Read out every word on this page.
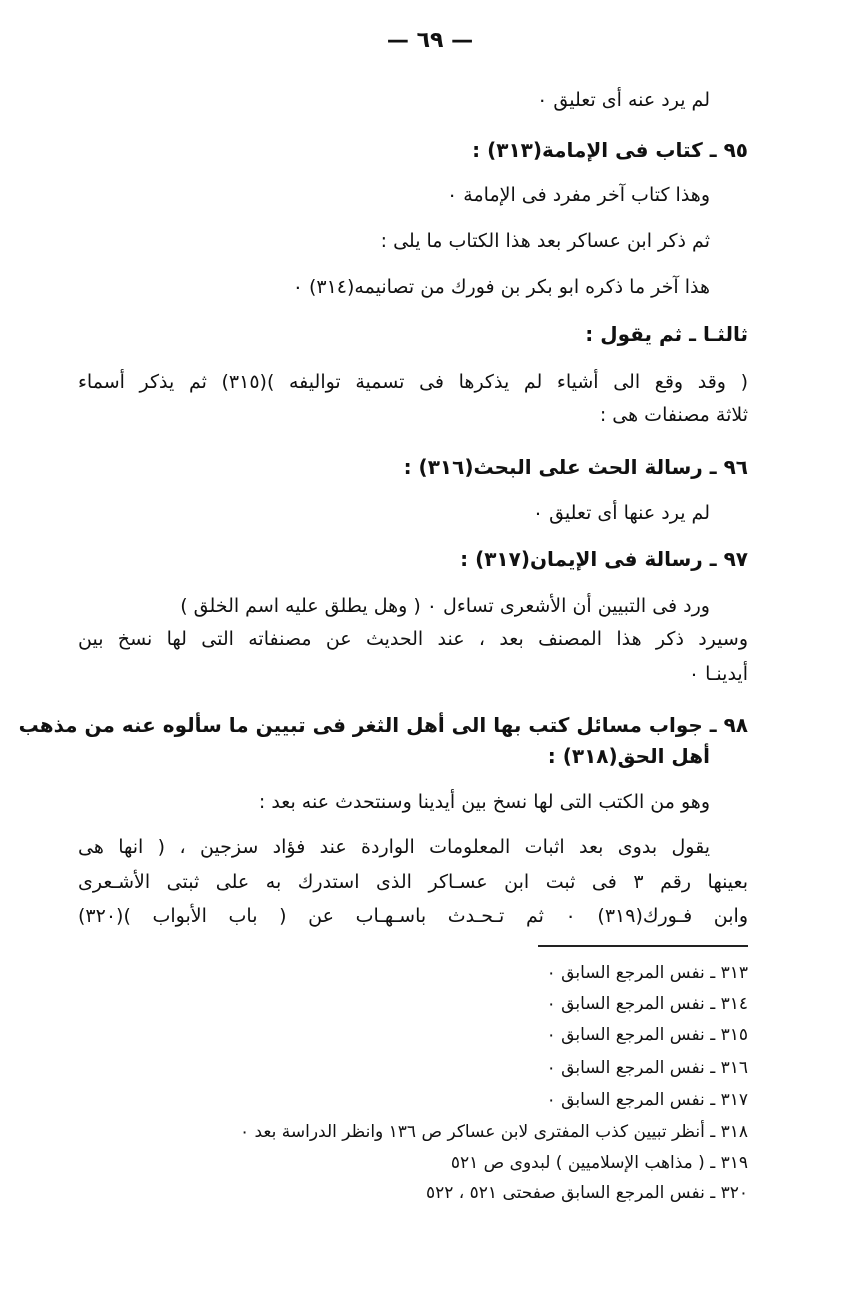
— ٦٩ —
لم يرد عنه أى تعليق ٠
٩٥ ـ كتاب فى الإمامة(٣١٣) :
وهذا كتاب آخر مفرد فى الإمامة ٠
ثم ذكر ابن عساكر بعد هذا الكتاب ما يلى :
هذا آخر ما ذكره ابو بكر بن فورك من تصانيمه(٣١٤) ٠
ثالثـا ـ ثم يقول :
( وقد وقع الى أشياء لم يذكرها فى تسمية تواليفه )(٣١٥) ثم يذكر أسماء
ثلاثة مصنفات هى :
٩٦ ـ رسالة الحث على البحث(٣١٦) :
لم يرد عنها أى تعليق ٠
٩٧ ـ رسالة فى الإيمان(٣١٧) :
ورد فى التبيين أن الأشعرى تساءل ٠ ( وهل يطلق عليه اسم الخلق )
وسيرد ذكر هذا المصنف بعد ، عند الحديث عن مصنفاته التى لها نسخ بين
أيدينـا ٠
٩٨ ـ جواب مسائل كتب بها الى أهل الثغر فى تبيين ما سألوه عنه من مذهب
أهل الحق(٣١٨) :
وهو من الكتب التى لها نسخ بين أيدينا وسنتحدث عنه بعد :
يقول بدوى بعد اثبات المعلومات الواردة عند فؤاد سزجين ، ( انها هى
بعينها رقم ٣ فى ثبت ابن عسـاكر الذى استدرك به على ثبتى الأشـعرى
وابن فـورك(٣١٩) ٠ ثم تـحـدث باسـهـاب عن ( باب الأبواب )(٣٢٠)
٣١٣ ـ نفس المرجع السابق ٠
٣١٤ ـ نفس المرجع السابق ٠
٣١٥ ـ نفس المرجع السابق ٠
٣١٦ ـ نفس المرجع السابق ٠
٣١٧ ـ نفس المرجع السابق ٠
٣١٨ ـ أنظر تبيين كذب المفترى لابن عساكر ص ١٣٦ وانظر الدراسة بعد ٠
٣١٩ ـ ( مذاهب الإسلاميين ) لبدوى ص ٥٢١
٣٢٠ ـ نفس المرجع السابق صفحتى ٥٢١ ، ٥٢٢
